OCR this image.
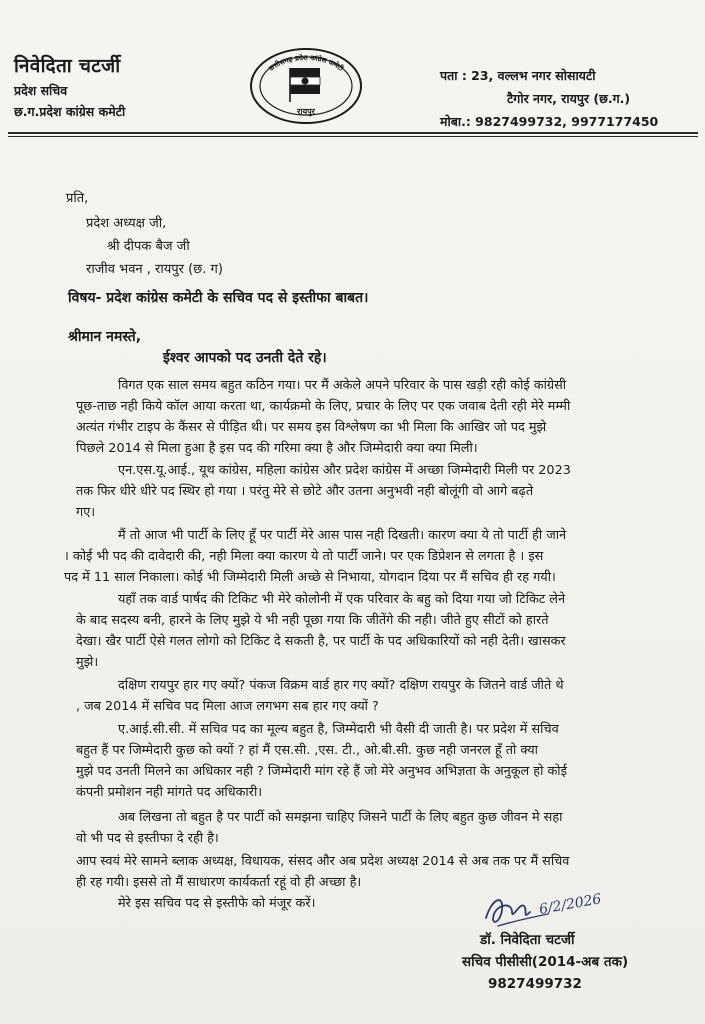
निवेदिता चटर्जी
प्रदेश सचिव
छ.ग.प्रदेश कांग्रेस कमेटी
छत्तीसगढ़ प्रदेश कांग्रेस कमेटी
रायपुर
पता : 23, वल्लभ नगर सोसायटी
टैगोर नगर, रायपुर (छ.ग.)
मोबा.: 9827499732, 9977177450
प्रति,
प्रदेश अध्यक्ष जी,
श्री दीपक बैज जी
राजीव भवन , रायपुर (छ. ग)
विषय- प्रदेश कांग्रेस कमेटी के सचिव पद से इस्तीफा बाबत।
श्रीमान नमस्ते,
ईश्वर आपको पद उनती देते रहे।
विगत एक साल समय बहुत कठिन गया। पर मैं अकेले अपने परिवार के पास खड़ी रही कोई कांग्रेसी
पूछ-ताछ नही किये कॉल आया करता था, कार्यक्रमो के लिए, प्रचार के लिए पर एक जवाब देती रही मेरे मम्मी
अत्यंत गंभीर टाइप के कैंसर से पीड़ित थी। पर समय इस विश्लेषण का भी मिला कि आखिर जो पद मुझे
पिछले 2014 से मिला हुआ है इस पद की गरिमा क्या है और जिम्मेदारी क्या क्या मिली।
एन.एस.यू.आई., यूथ कांग्रेस, महिला कांग्रेस और प्रदेश कांग्रेस में अच्छा जिम्मेदारी मिली पर 2023
तक फिर धीरे धीरे पद स्थिर हो गया । परंतु मेरे से छोटे और उतना अनुभवी नही बोलूंगी वो आगे बढ़ते
गए।
मैं तो आज भी पार्टी के लिए हूँ पर पार्टी मेरे आस पास नही दिखती। कारण क्या ये तो पार्टी ही जाने
। कोई भी पद की दावेदारी की, नही मिला क्या कारण ये तो पार्टी जाने। पर एक डिप्रेशन से लगता है । इस
पद में 11 साल निकाला। कोई भी जिम्मेदारी मिली अच्छे से निभाया, योगदान दिया पर मैं सचिव ही रह गयी।
यहाँ तक वार्ड पार्षद की टिकिट भी मेरे कोलोनी में एक परिवार के बहु को दिया गया जो टिकिट लेने
के बाद सदस्य बनी, हारने के लिए मुझे ये भी नही पूछा गया कि जीतेंगे की नही। जीते हुए सीटों को हारते
देखा। खैर पार्टी ऐसे गलत लोगो को टिकिट दे सकती है, पर पार्टी के पद अधिकारियों को नही देती। खासकर
मुझे।
दक्षिण रायपुर हार गए क्यों? पंकज विक्रम वार्ड हार गए क्यों? दक्षिण रायपुर के जितने वार्ड जीते थे
, जब 2014 में सचिव पद मिला आज लगभग सब हार गए क्यों ?
ए.आई.सी.सी. में सचिव पद का मूल्य बहुत है, जिम्मेदारी भी वैसी दी जाती है। पर प्रदेश में सचिव
बहुत हैं पर जिम्मेदारी कुछ को क्यों ? हां मैं एस.सी. ,एस. टी., ओ.बी.सी. कुछ नही जनरल हूँ तो क्या
मुझे पद उनती मिलने का अधिकार नही ? जिम्मेदारी मांग रहे हैं जो मेरे अनुभव अभिज्ञता के अनुकूल हो कोई
कंपनी प्रमोशन नही मांगते पद अधिकारी।
अब लिखना तो बहुत है पर पार्टी को समझना चाहिए जिसने पार्टी के लिए बहुत कुछ जीवन मे सहा
वो भी पद से इस्तीफा दे रही है।
आप स्वयं मेरे सामने ब्लाक अध्यक्ष, विधायक, संसद और अब प्रदेश अध्यक्ष 2014 से अब तक पर मैं सचिव
ही रह गयी। इससे तो मैं साधारण कार्यकर्ता रहूं वो ही अच्छा है।
मेरे इस सचिव पद से इस्तीफे को मंजूर करें।	6/2/2026
डॉ. निवेदिता चटर्जी
सचिव पीसीसी(2014-अब तक)
9827499732
